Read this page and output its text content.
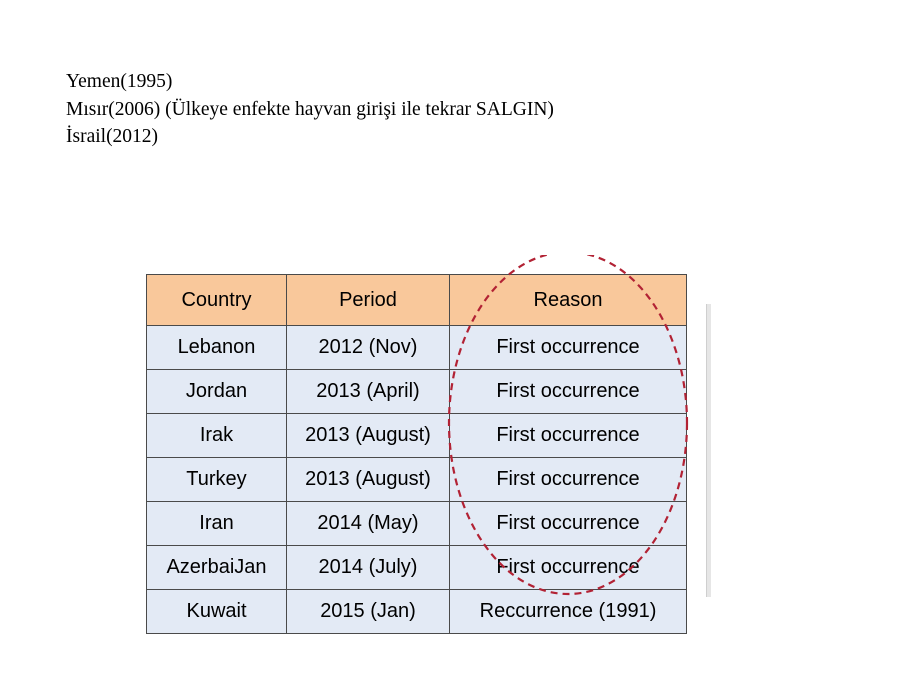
Yemen(1995)
Mısır(2006) (Ülkeye enfekte hayvan girişi ile tekrar SALGIN)
İsrail(2012)
Country	Period	Reason
Lebanon	2012 (Nov)	First occurrence
Jordan	2013 (April)	First occurrence
Irak	2013 (August)	First occurrence
Turkey	2013 (August)	First occurrence
Iran	2014 (May)	First occurrence
AzerbaiJan	2014 (July)	First occurrence
Kuwait	2015 (Jan)	Reccurrence (1991)
